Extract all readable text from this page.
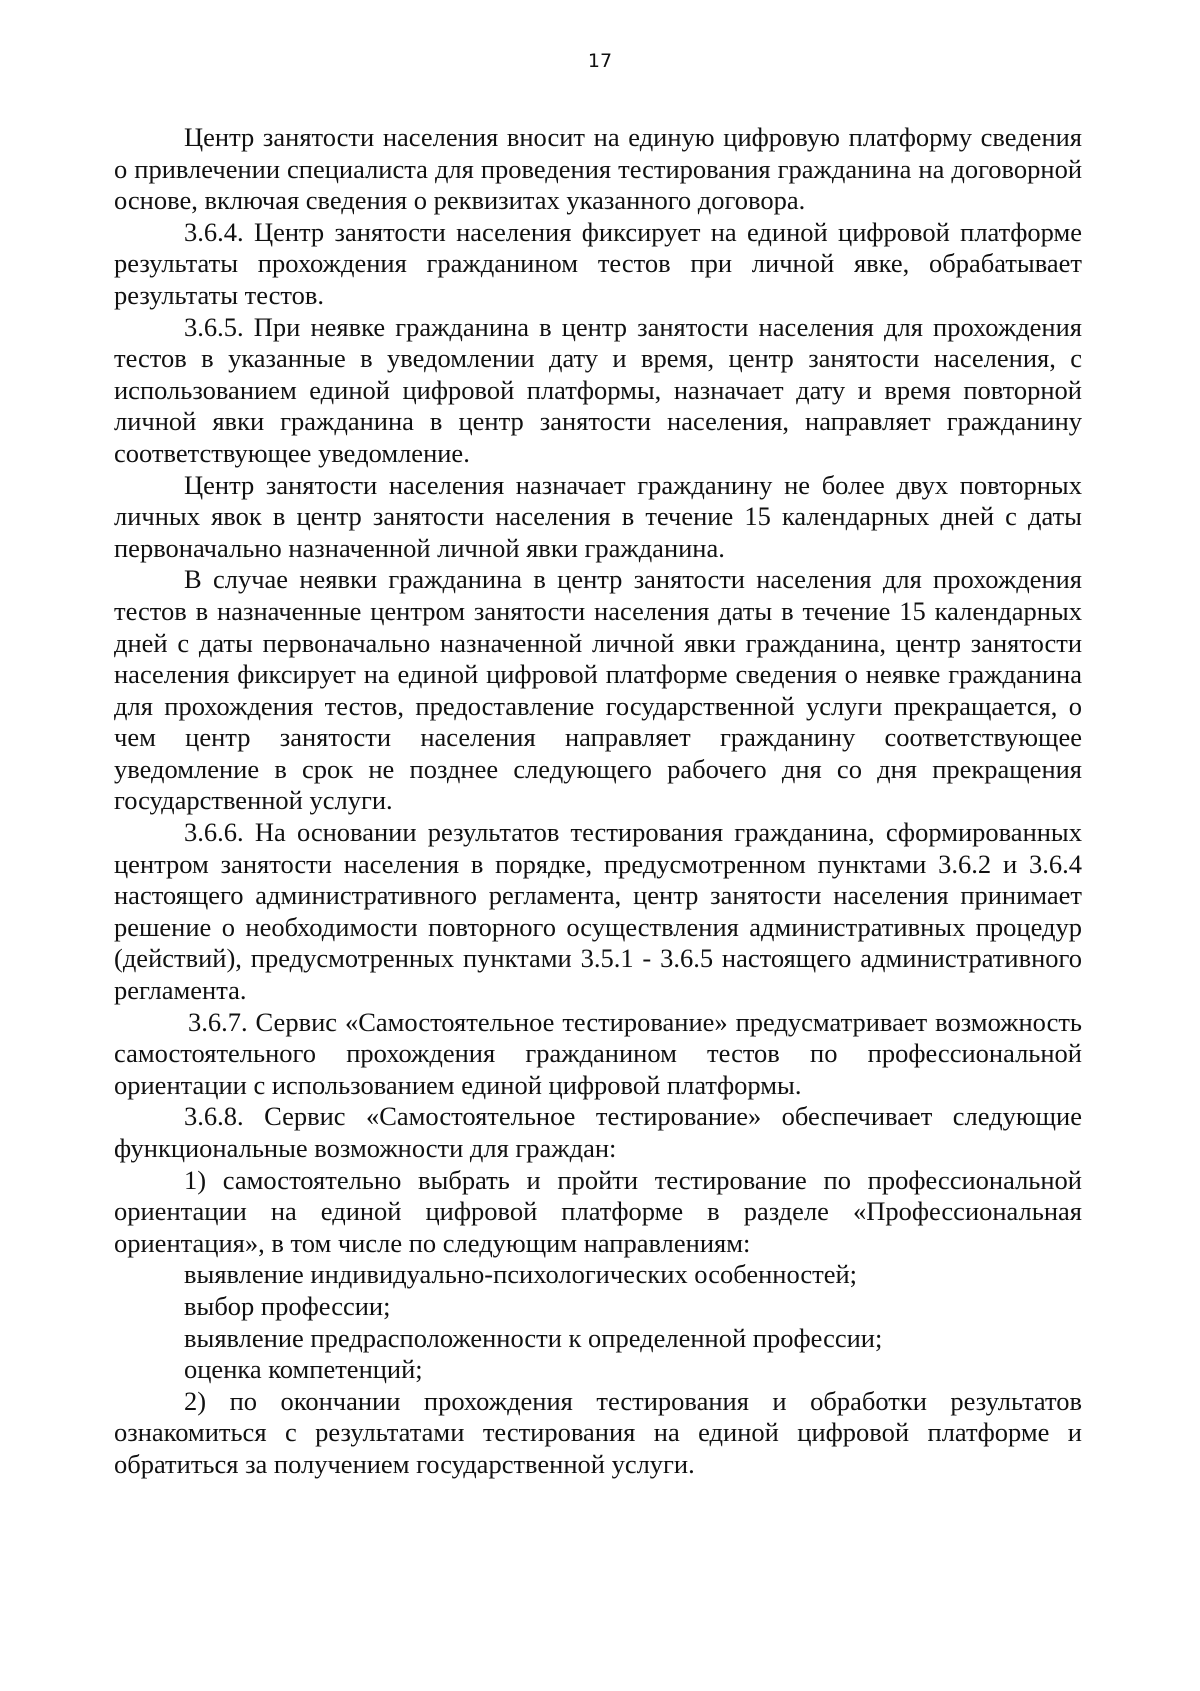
17

Центр занятости населения вносит на единую цифровую платформу сведения о привлечении специалиста для проведения тестирования гражданина на договорной основе, включая сведения о реквизитах указанного договора.

3.6.4. Центр занятости населения фиксирует на единой цифровой платформе результаты прохождения гражданином тестов при личной явке, обрабатывает результаты тестов.

3.6.5. При неявке гражданина в центр занятости населения для прохождения тестов в указанные в уведомлении дату и время, центр занятости населения, с использованием единой цифровой платформы, назначает дату и время повторной личной явки гражданина в центр занятости населения, направляет гражданину соответствующее уведомление.

Центр занятости населения назначает гражданину не более двух повторных личных явок в центр занятости населения в течение 15 календарных дней с даты первоначально назначенной личной явки гражданина.

В случае неявки гражданина в центр занятости населения для прохождения тестов в назначенные центром занятости населения даты в течение 15 календарных дней с даты первоначально назначенной личной явки гражданина, центр занятости населения фиксирует на единой цифровой платформе сведения о неявке гражданина для прохождения тестов, предоставление государственной услуги прекращается, о чем центр занятости населения направляет гражданину соответствующее уведомление в срок не позднее следующего рабочего дня со дня прекращения государственной услуги.

3.6.6. На основании результатов тестирования гражданина, сформированных центром занятости населения в порядке, предусмотренном пунктами 3.6.2 и 3.6.4 настоящего административного регламента, центр занятости населения принимает решение о необходимости повторного осуществления административных процедур (действий), предусмотренных пунктами 3.5.1 - 3.6.5 настоящего административного регламента.

3.6.7. Сервис «Самостоятельное тестирование» предусматривает возможность самостоятельного прохождения гражданином тестов по профессиональной ориентации с использованием единой цифровой платформы.

3.6.8. Сервис «Самостоятельное тестирование» обеспечивает следующие функциональные возможности для граждан:

1) самостоятельно выбрать и пройти тестирование по профессиональной ориентации на единой цифровой платформе в разделе «Профессиональная ориентация», в том числе по следующим направлениям:

выявление индивидуально-психологических особенностей;

выбор профессии;

выявление предрасположенности к определенной профессии;

оценка компетенций;

2) по окончании прохождения тестирования и обработки результатов ознакомиться с результатами тестирования на единой цифровой платформе и обратиться за получением государственной услуги.
